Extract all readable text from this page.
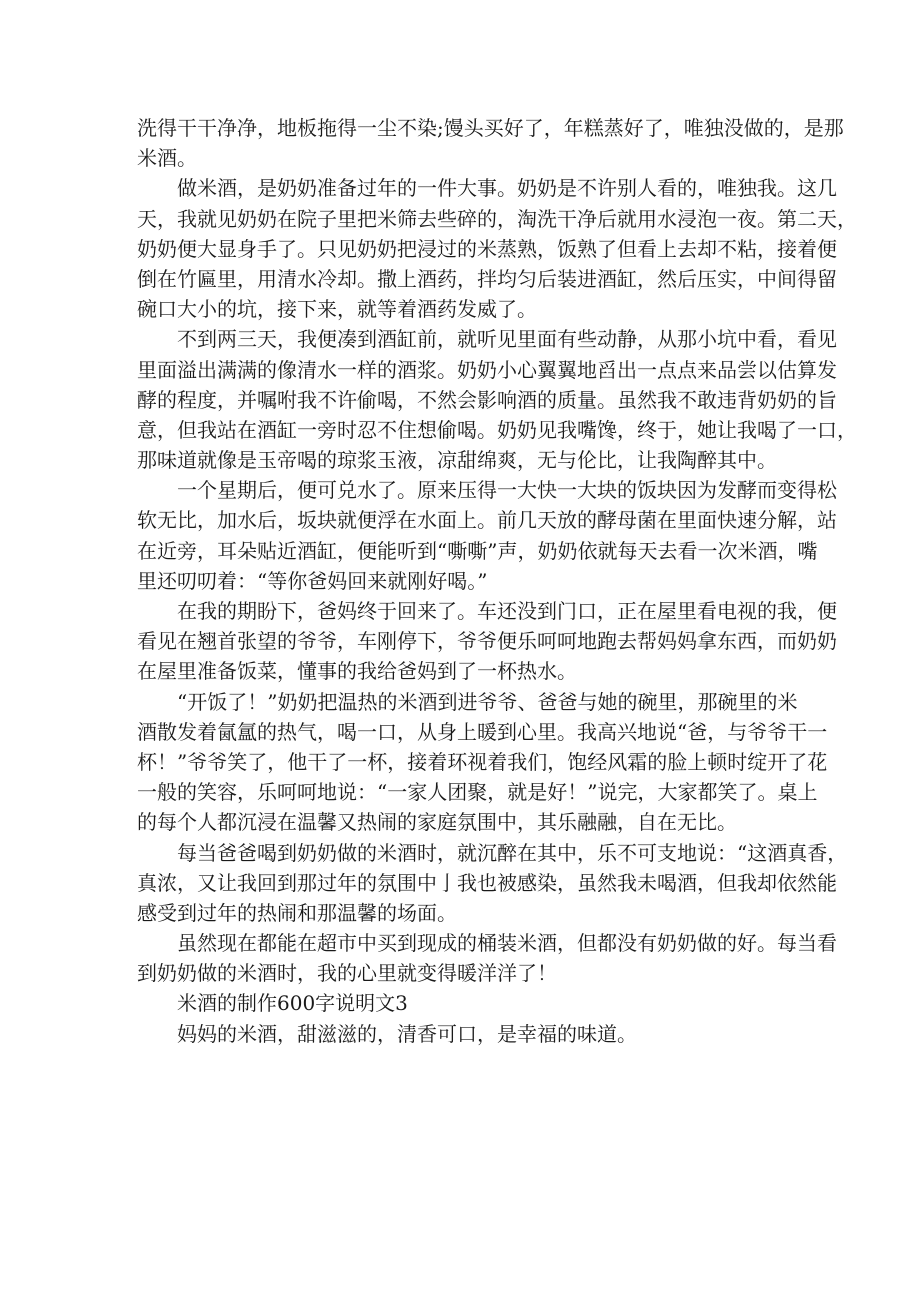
洗得干干净净，地板拖得一尘不染;馒头买好了，年糕蒸好了，唯独没做的，是那
米酒。
做米酒，是奶奶准备过年的一件大事。奶奶是不许别人看的，唯独我。这几
天，我就见奶奶在院子里把米筛去些碎的，淘洗干净后就用水浸泡一夜。第二天，
奶奶便大显身手了。只见奶奶把浸过的米蒸熟，饭熟了但看上去却不粘，接着便
倒在竹匾里，用清水冷却。撒上酒药，拌均匀后装进酒缸，然后压实，中间得留
碗口大小的坑，接下来，就等着酒药发威了。
不到两三天，我便凑到酒缸前，就听见里面有些动静，从那小坑中看，看见
里面溢出满满的像清水一样的酒浆。奶奶小心翼翼地舀出一点点来品尝以估算发
酵的程度，并嘱咐我不许偷喝，不然会影响酒的质量。虽然我不敢违背奶奶的旨
意，但我站在酒缸一旁时忍不住想偷喝。奶奶见我嘴馋，终于，她让我喝了一口，
那味道就像是玉帝喝的琼浆玉液，凉甜绵爽，无与伦比，让我陶醉其中。
一个星期后，便可兑水了。原来压得一大快一大块的饭块因为发酵而变得松
软无比，加水后，坂块就便浮在水面上。前几天放的酵母菌在里面快速分解，站
在近旁，耳朵贴近酒缸，便能听到“嘶嘶”声，奶奶依就每天去看一次米酒，嘴
里还叨叨着：“等你爸妈回来就刚好喝。”
在我的期盼下，爸妈终于回来了。车还没到门口，正在屋里看电视的我，便
看见在翘首张望的爷爷，车刚停下，爷爷便乐呵呵地跑去帮妈妈拿东西，而奶奶
在屋里准备饭菜，懂事的我给爸妈到了一杯热水。
“开饭了！”奶奶把温热的米酒到进爷爷、爸爸与她的碗里，那碗里的米
酒散发着氤氲的热气，喝一口，从身上暖到心里。我高兴地说“爸，与爷爷干一
杯！”爷爷笑了，他干了一杯，接着环视着我们，饱经风霜的脸上顿时绽开了花
一般的笑容，乐呵呵地说：“一家人团聚，就是好！”说完，大家都笑了。桌上
的每个人都沉浸在温馨又热闹的家庭氛围中，其乐融融，自在无比。
每当爸爸喝到奶奶做的米酒时，就沉醉在其中，乐不可支地说：“这酒真香，
真浓，又让我回到那过年的氛围中亅我也被感染，虽然我未喝酒，但我却依然能
感受到过年的热闹和那温馨的场面。
虽然现在都能在超市中买到现成的桶装米酒，但都没有奶奶做的好。每当看
到奶奶做的米酒时，我的心里就变得暖洋洋了！
米酒的制作600字说明文3
妈妈的米酒，甜滋滋的，清香可口，是幸福的味道。
